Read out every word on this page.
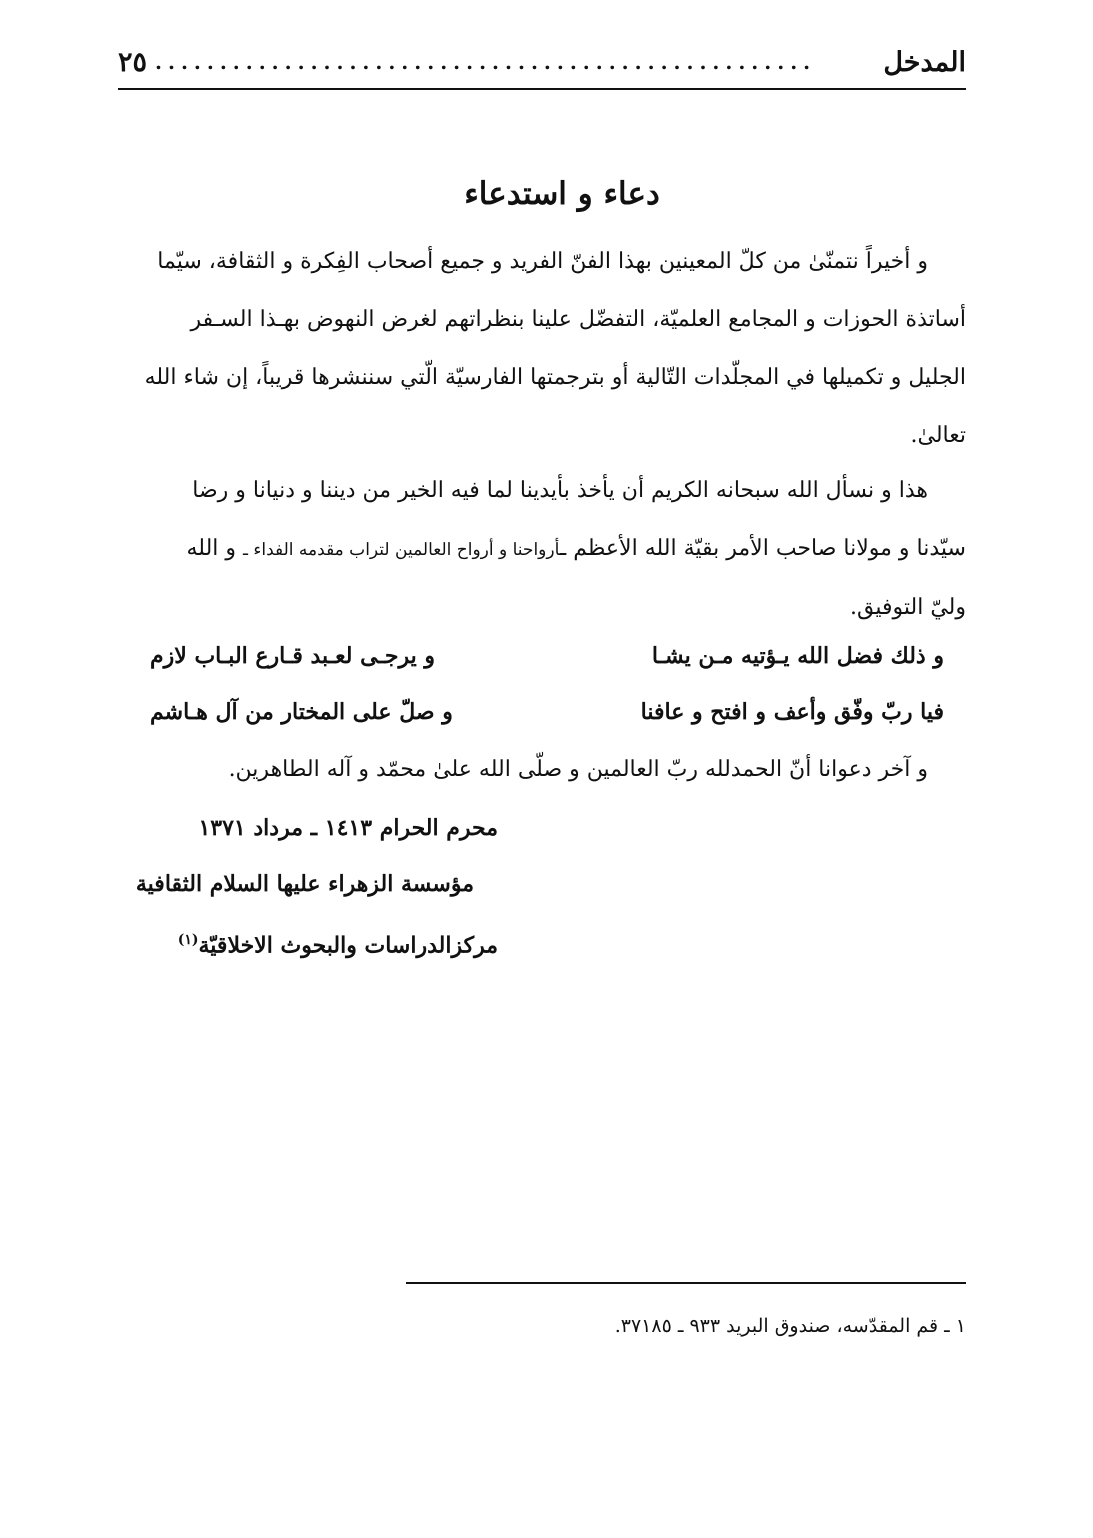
المدخل
...................................................
٢٥
دعاء و استدعاء
و أخيراً نتمنّىٰ من كلّ المعينين بهذا الفنّ الفريد و جميع أصحاب الفِكرة و الثقافة، سيّما
أساتذة الحوزات و المجامع العلميّة، التفضّل علينا بنظراتهم لغرض النهوض بهـذا السـفر
الجليل و تكميلها في المجلّدات التّالية أو بترجمتها الفارسيّة الّتي سننشرها قريباً، إن شاء الله
تعالىٰ.
هذا و نسأل الله سبحانه الكريم أن يأخذ بأيدينا لما فيه الخير من ديننا و دنيانا و رضا
سيّدنا و مولانا صاحب الأمر بقيّة الله الأعظم ـأرواحنا و أرواح العالمين لتراب مقدمه الفداء ـ و الله
وليّ التوفيق.
و ذلك فضل الله يـؤتيه مـن يشـا
و يرجـى لعـبد قـارع البـاب لازم
فيا ربّ وفّق وأعف و افتح و عافنا
و صلّ على المختار من آل هـاشم
و آخر دعوانا أنّ الحمدلله ربّ العالمين و صلّى الله علىٰ محمّد و آله الطاهرين.
محرم الحرام ١٤١٣ ـ مرداد ١٣٧١
مؤسسة الزهراء عليها السلام الثقافية
مركزالدراسات والبحوث الاخلاقيّة$^{(١)}$
١ ـ قم المقدّسه، صندوق البريد ٩٣٣ ـ ٣٧١٨٥.
